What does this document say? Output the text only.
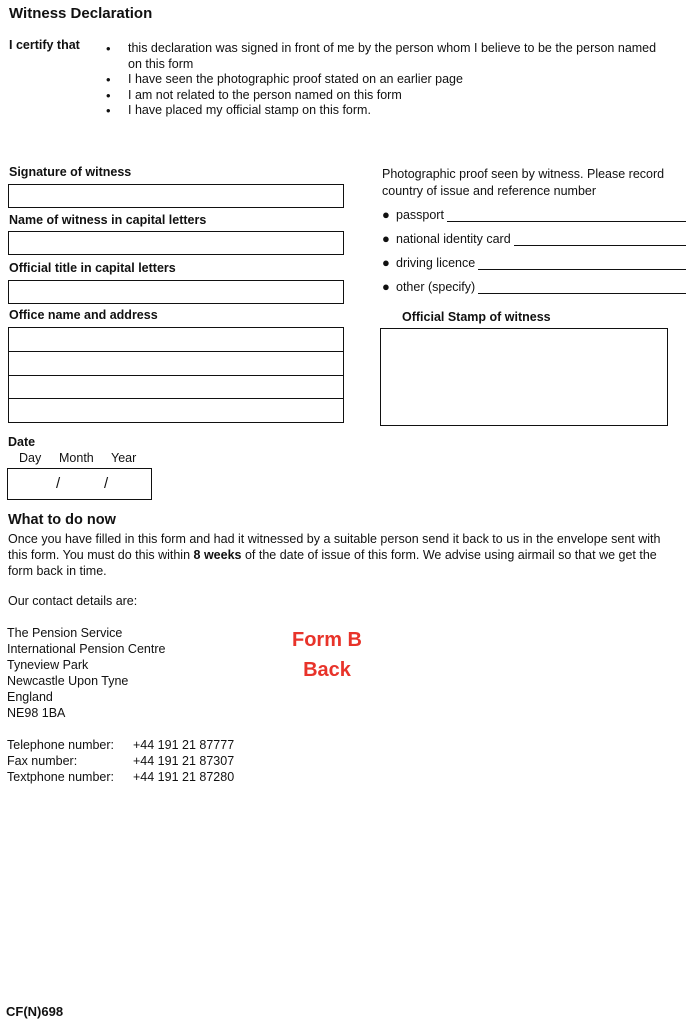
Witness Declaration
I certify that
•	this declaration was signed in front of me by the person whom I believe to be the person named on this form
• I have seen the photographic proof stated on an earlier page
• I am not related to the person named on this form
• I have placed my official stamp on this form.
Signature of witness
Name of witness in capital letters
Official title in capital letters
Office name and address
Photographic proof seen by witness. Please record country of issue and reference number
● passport
● national identity card
● driving licence
● other (specify)
Official Stamp of witness
Date
Day Month Year
/	/
What to do now
Once you have filled in this form and had it witnessed by a suitable person send it back to us in the envelope sent with this form. You must do this within 8 weeks of the date of issue of this form. We advise using airmail so that we get the form back in time.
Our contact details are:
The Pension Service
International Pension Centre
Tyneview Park
Newcastle Upon Tyne
England
NE98 1BA
Telephone number:	+44 191 21 87777
Fax number:	+44 191 21 87307
Textphone number:	+44 191 21 87280
Form B
Back
CF(N)698
